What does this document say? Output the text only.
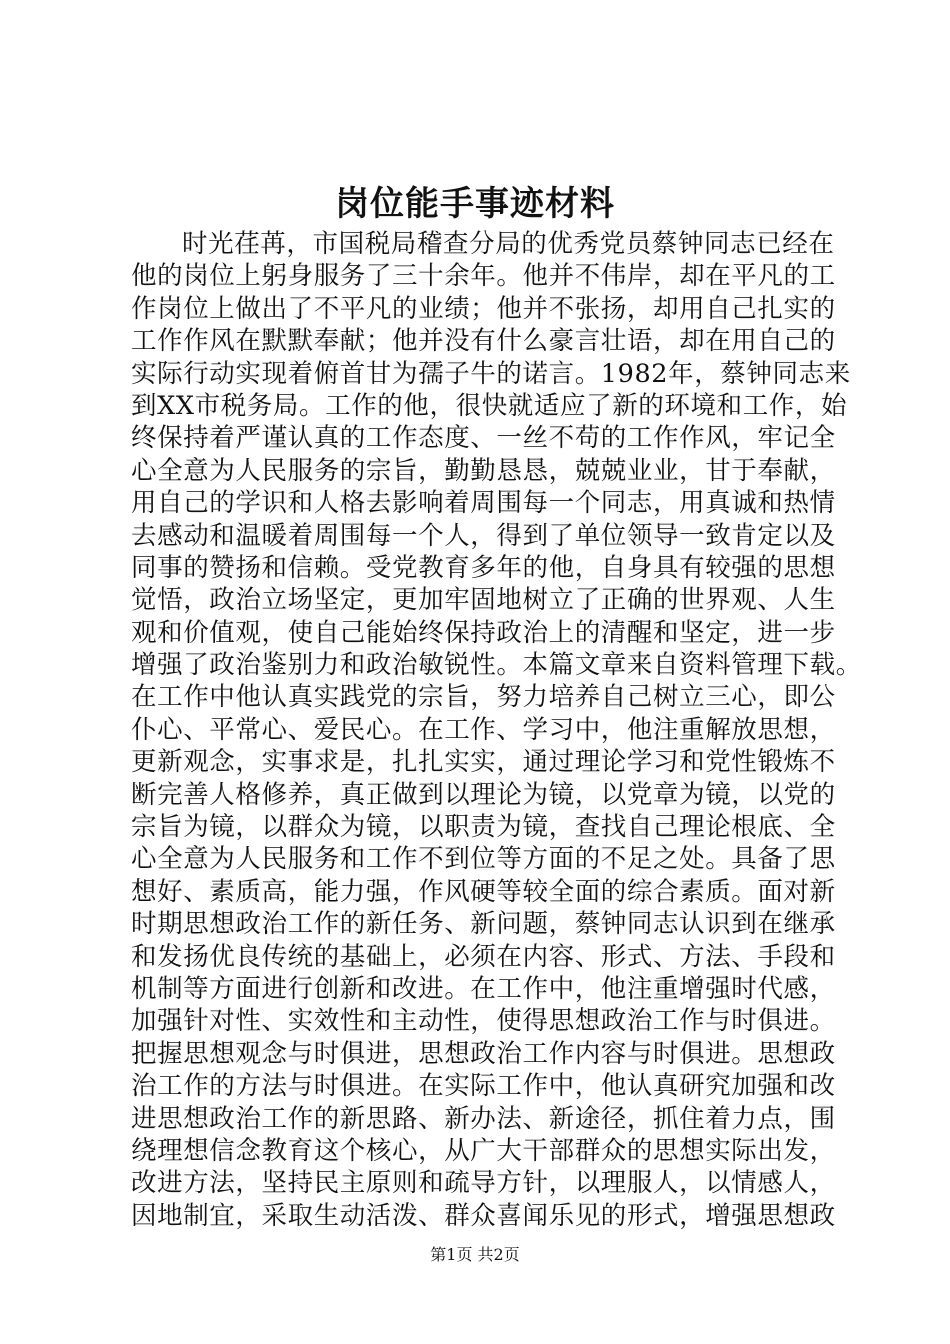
岗位能手事迹材料
时光荏苒，市国税局稽查分局的优秀党员蔡钟同志已经在
他的岗位上躬身服务了三十余年。他并不伟岸，却在平凡的工
作岗位上做出了不平凡的业绩；他并不张扬，却用自己扎实的
工作作风在默默奉献；他并没有什么豪言壮语，却在用自己的
实际行动实现着俯首甘为孺子牛的诺言。1982年，蔡钟同志来
到XX市税务局。工作的他，很快就适应了新的环境和工作，始
终保持着严谨认真的工作态度、一丝不苟的工作作风，牢记全
心全意为人民服务的宗旨，勤勤恳恳，兢兢业业，甘于奉献，
用自己的学识和人格去影响着周围每一个同志，用真诚和热情
去感动和温暖着周围每一个人，得到了单位领导一致肯定以及
同事的赞扬和信赖。受党教育多年的他，自身具有较强的思想
觉悟，政治立场坚定，更加牢固地树立了正确的世界观、人生
观和价值观，使自己能始终保持政治上的清醒和坚定，进一步
增强了政治鉴别力和政治敏锐性。本篇文章来自资料管理下载。
在工作中他认真实践党的宗旨，努力培养自己树立三心，即公
仆心、平常心、爱民心。在工作、学习中，他注重解放思想，
更新观念，实事求是，扎扎实实，通过理论学习和党性锻炼不
断完善人格修养，真正做到以理论为镜，以党章为镜，以党的
宗旨为镜，以群众为镜，以职责为镜，查找自己理论根底、全
心全意为人民服务和工作不到位等方面的不足之处。具备了思
想好、素质高，能力强，作风硬等较全面的综合素质。面对新
时期思想政治工作的新任务、新问题，蔡钟同志认识到在继承
和发扬优良传统的基础上，必须在内容、形式、方法、手段和
机制等方面进行创新和改进。在工作中，他注重增强时代感，
加强针对性、实效性和主动性，使得思想政治工作与时俱进。
把握思想观念与时俱进，思想政治工作内容与时俱进。思想政
治工作的方法与时俱进。在实际工作中，他认真研究加强和改
进思想政治工作的新思路、新办法、新途径，抓住着力点，围
绕理想信念教育这个核心，从广大干部群众的思想实际出发，
改进方法，坚持民主原则和疏导方针，以理服人，以情感人，
因地制宜，采取生动活泼、群众喜闻乐见的形式，增强思想政
第1页 共2页
